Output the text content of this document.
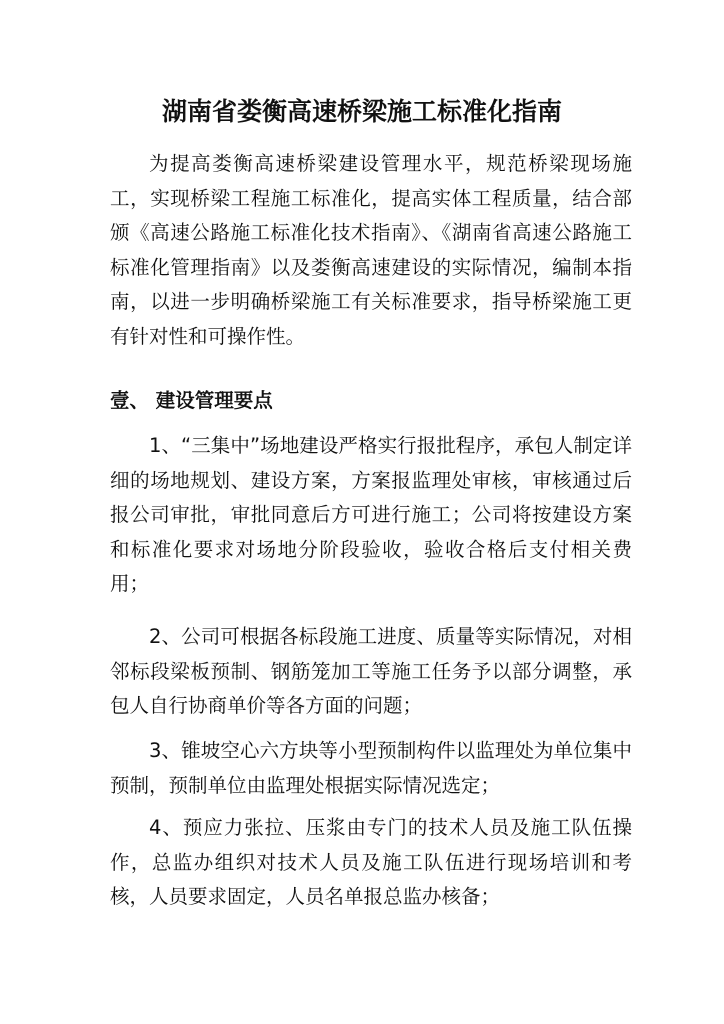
湖南省娄衡高速桥梁施工标准化指南

为提高娄衡高速桥梁建设管理水平，规范桥梁现场施工，实现桥梁工程施工标准化，提高实体工程质量，结合部颁《高速公路施工标准化技术指南》、《湖南省高速公路施工标准化管理指南》以及娄衡高速建设的实际情况，编制本指南，以进一步明确桥梁施工有关标准要求，指导桥梁施工更有针对性和可操作性。

壹、 建设管理要点

1、“三集中”场地建设严格实行报批程序，承包人制定详细的场地规划、建设方案，方案报监理处审核，审核通过后报公司审批，审批同意后方可进行施工；公司将按建设方案和标准化要求对场地分阶段验收，验收合格后支付相关费用；

2、公司可根据各标段施工进度、质量等实际情况，对相邻标段梁板预制、钢筋笼加工等施工任务予以部分调整，承包人自行协商单价等各方面的问题；

3、锥坡空心六方块等小型预制构件以监理处为单位集中预制，预制单位由监理处根据实际情况选定；

4、预应力张拉、压浆由专门的技术人员及施工队伍操作，总监办组织对技术人员及施工队伍进行现场培训和考核，人员要求固定，人员名单报总监办核备；
